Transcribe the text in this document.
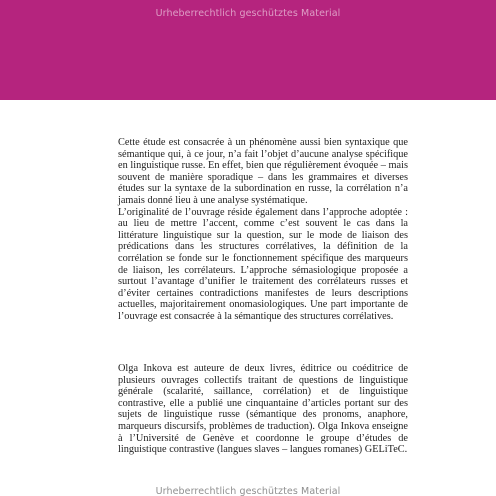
Urheberrechtlich geschütztes Material

Cette étude est consacrée à un phénomène aussi bien syntaxique que sémantique qui, à ce jour, n’a fait l’objet d’aucune analyse spécifique en linguistique russe. En effet, bien que régulièrement évoquée – mais souvent de manière sporadique – dans les grammaires et diverses études sur la syntaxe de la subordination en russe, la corrélation n’a jamais donné lieu à une analyse systématique.

L’originalité de l’ouvrage réside également dans l’approche adoptée : au lieu de mettre l’accent, comme c’est souvent le cas dans la littérature linguistique sur la question, sur le mode de liaison des prédications dans les structures corrélatives, la définition de la corrélation se fonde sur le fonctionnement spécifique des marqueurs de liaison, les corrélateurs. L’approche sémasiologique proposée a surtout l’avantage d’unifier le traitement des corrélateurs russes et d’éviter certaines contradictions manifestes de leurs descriptions actuelles, majoritairement onomasiologiques. Une part importante de l’ouvrage est consacrée à la sémantique des structures corrélatives.

Olga Inkova est auteure de deux livres, éditrice ou coéditrice de plusieurs ouvrages collectifs traitant de questions de linguistique générale (scalarité, saillance, corrélation) et de linguistique contrastive, elle a publié une cinquantaine d’articles portant sur des sujets de linguistique russe (sémantique des pronoms, anaphore, marqueurs discursifs, problèmes de traduction). Olga Inkova enseigne à l’Université de Genève et coordonne le groupe d’études de linguistique contrastive (langues slaves – langues romanes) GELiTeC.

Urheberrechtlich geschütztes Material
